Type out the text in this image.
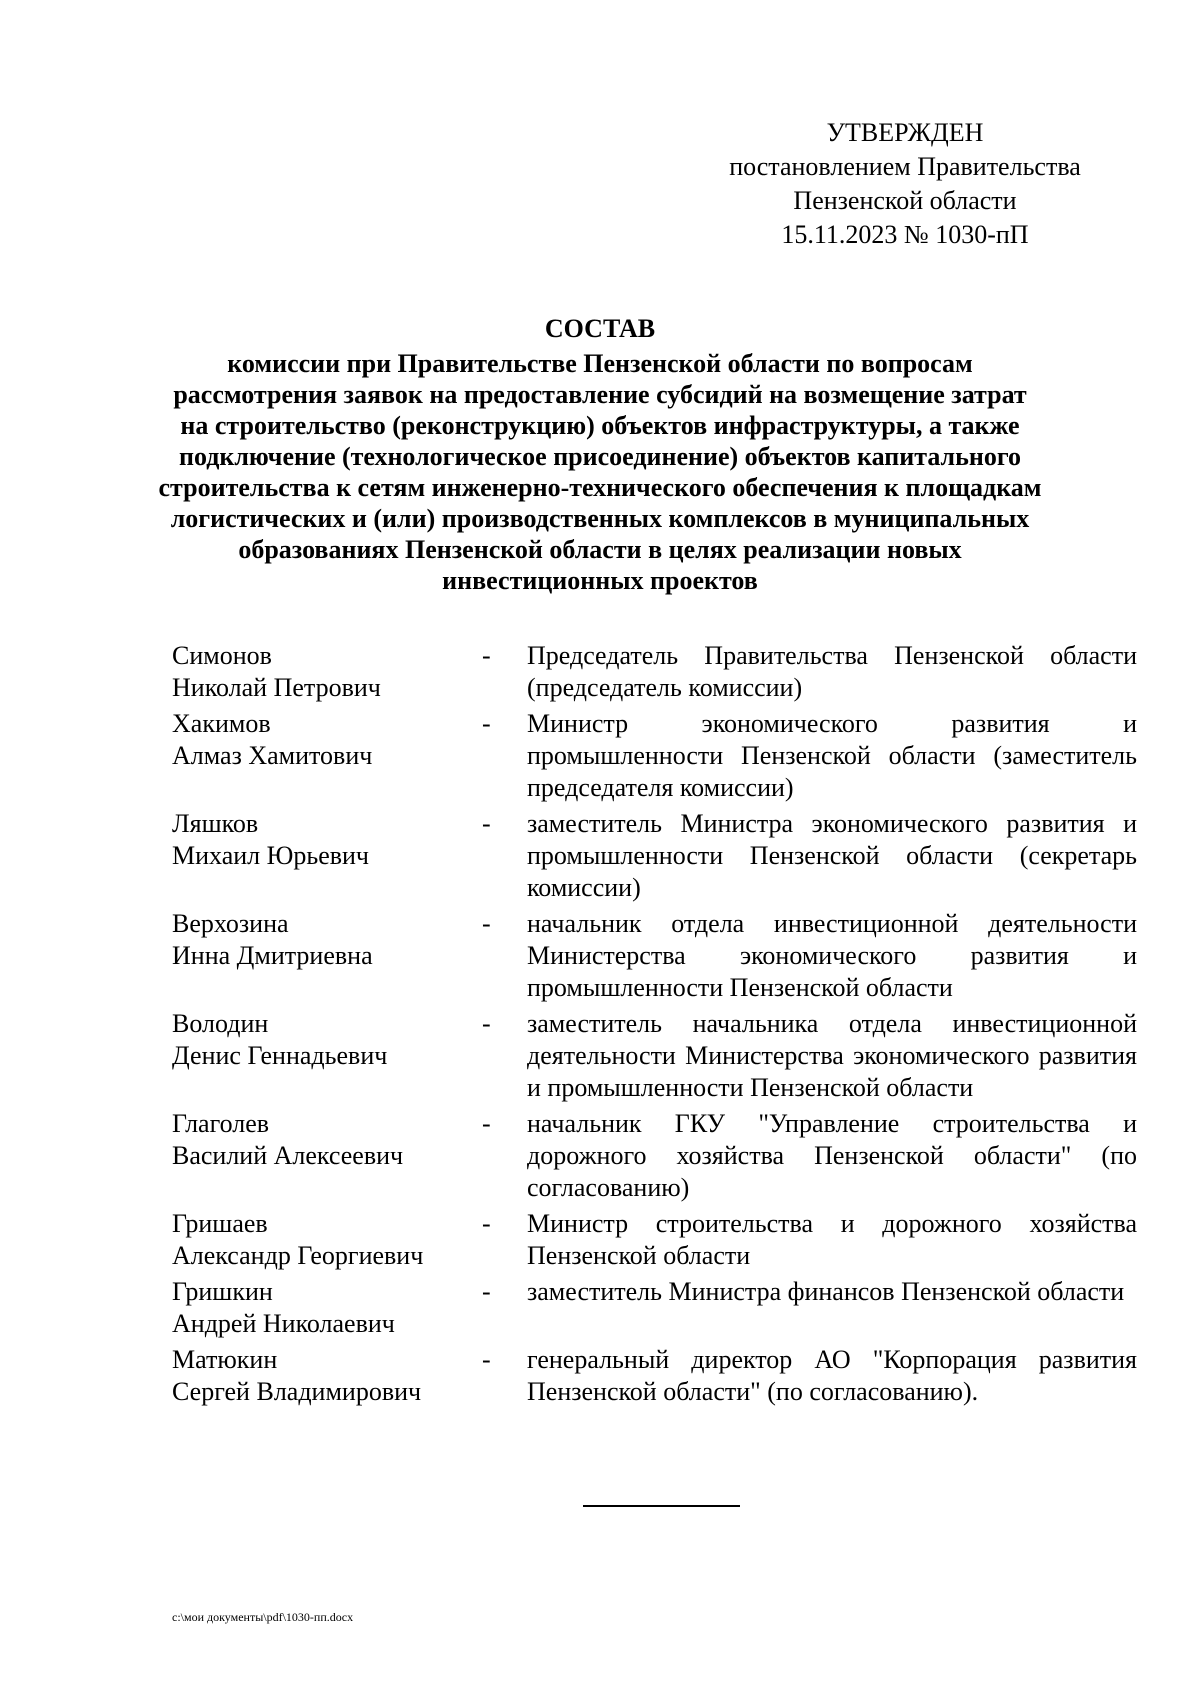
УТВЕРЖДЕН
постановлением Правительства
Пензенской области
15.11.2023 № 1030-пП
СОСТАВ
комиссии при Правительстве Пензенской области по вопросам
рассмотрения заявок на предоставление субсидий на возмещение затрат
на строительство (реконструкцию) объектов инфраструктуры, а также
подключение (технологическое присоединение) объектов капитального
строительства к сетям инженерно-технического обеспечения к площадкам
логистических и (или) производственных комплексов в муниципальных
образованиях Пензенской области в целях реализации новых
инвестиционных проектов
Симонов
Николай Петрович
-	Председатель Правительства Пензенской области (председатель комиссии)
Хакимов
Алмаз Хамитович
-	Министр экономического развития и промышленности Пензенской области (заместитель председателя комиссии)
Ляшков
Михаил Юрьевич
-	заместитель Министра экономического развития и промышленности Пензенской области (секретарь комиссии)
Верхозина
Инна Дмитриевна
-	начальник отдела инвестиционной деятельности Министерства экономического развития и промышленности Пензенской области
Володин
Денис Геннадьевич
-	заместитель начальника отдела инвестиционной деятельности Министерства экономического развития и промышленности Пензенской области
Глаголев
Василий Алексеевич
-	начальник ГКУ "Управление строительства и дорожного хозяйства Пензенской области" (по согласованию)
Гришаев
Александр Георгиевич
-	Министр строительства и дорожного хозяйства Пензенской области
Гришкин
Андрей Николаевич
-	заместитель Министра финансов Пензенской области
Матюкин
Сергей Владимирович
-	генеральный директор АО "Корпорация развития Пензенской области" (по согласованию).
c:\мои документы\pdf\1030-пп.docx
